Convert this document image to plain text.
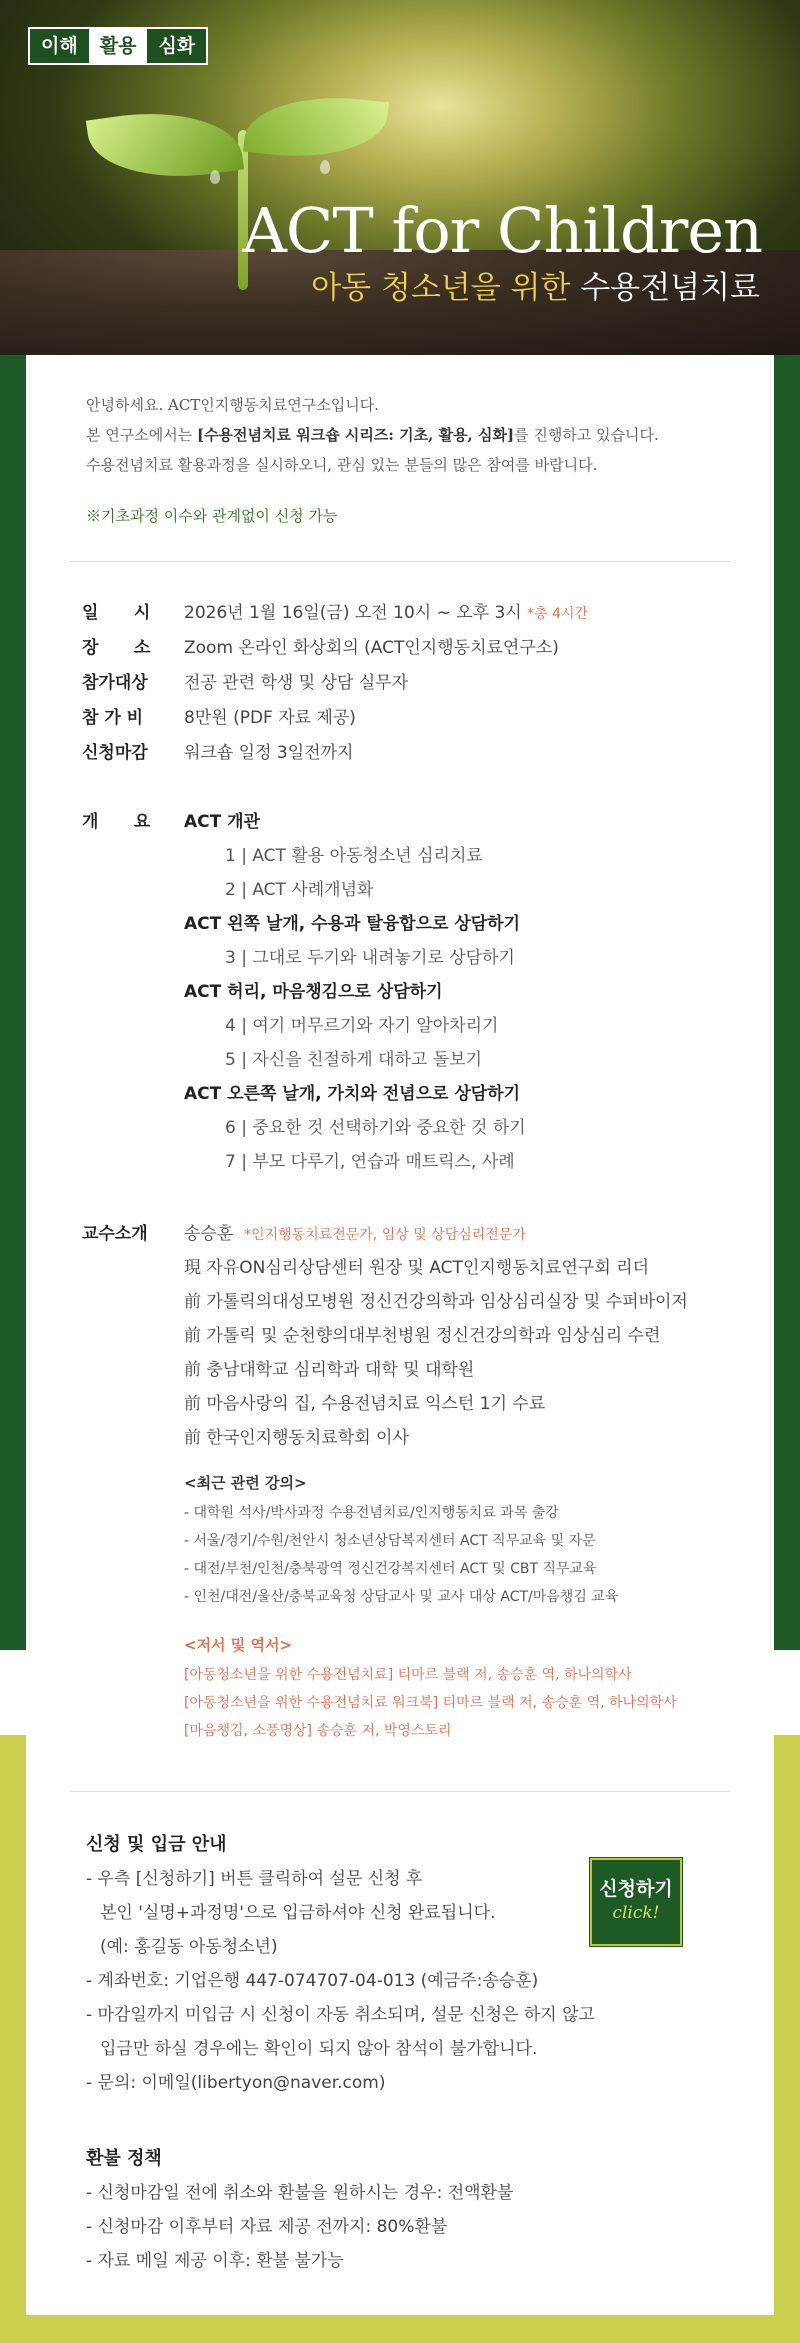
이해	활용	심화
ACT for Children
아동 청소년을 위한 수용전념치료
안녕하세요. ACT인지행동치료연구소입니다.
본 연구소에서는 [수용전념치료 워크숍 시리즈: 기초, 활용, 심화]를 진행하고 있습니다.
수용전념치료 활용과정을 실시하오니, 관심 있는 분들의 많은 참여를 바랍니다.
※기초과정 이수와 관계없이 신청 가능
일      시	2026년 1월 16일(금) 오전 10시 ~ 오후 3시 *총 4시간
장      소	Zoom 온라인 화상회의 (ACT인지행동치료연구소)
참가대상	전공 관련 학생 및 상담 실무자
참 가 비	8만원 (PDF 자료 제공)
신청마감	워크숍 일정 3일전까지
개      요	ACT 개관
1 | ACT 활용 아동청소년 심리치료
2 | ACT 사례개념화
ACT 왼쪽 날개, 수용과 탈융합으로 상담하기
3 | 그대로 두기와 내려놓기로 상담하기
ACT 허리, 마음챙김으로 상담하기
4 | 여기 머무르기와 자기 알아차리기
5 | 자신을 친절하게 대하고 돌보기
ACT 오른쪽 날개, 가치와 전념으로 상담하기
6 | 중요한 것 선택하기와 중요한 것 하기
7 | 부모 다루기, 연습과 매트릭스, 사례
교수소개	송승훈 *인지행동치료전문가, 임상 및 상담심리전문가
現 자유ON심리상담센터 원장 및 ACT인지행동치료연구회 리더
前 가톨릭의대성모병원 정신건강의학과 임상심리실장 및 수퍼바이저
前 가톨릭 및 순천향의대부천병원 정신건강의학과 임상심리 수련
前 충남대학교 심리학과 대학 및 대학원
前 마음사랑의 집, 수용전념치료 익스턴 1기 수료
前 한국인지행동치료학회 이사
<최근 관련 강의>
- 대학원 석사/박사과정 수용전념치료/인지행동치료 과목 출강
- 서울/경기/수원/천안시 청소년상담복지센터 ACT 직무교육 및 자문
- 대전/부천/인천/충북광역 정신건강복지센터 ACT 및 CBT 직무교육
- 인천/대전/울산/충북교육청 상담교사 및 교사 대상 ACT/마음챙김 교육
<저서 및 역서>
[아동청소년을 위한 수용전념치료] 티마르 블랙 저, 송승훈 역, 하나의학사
[아동청소년을 위한 수용전념치료 워크북] 티마르 블랙 저, 송승훈 역, 하나의학사
[마음챙김, 소풍명상] 송승훈 저, 박영스토리
신청 및 입금 안내
- 우측 [신청하기] 버튼 클릭하여 설문 신청 후
본인 '실명+과정명'으로 입금하셔야 신청 완료됩니다.
(예: 홍길동 아동청소년)
- 계좌번호: 기업은행 447-074707-04-013 (예금주:송승훈)
- 마감일까지 미입금 시 신청이 자동 취소되며, 설문 신청은 하지 않고
입금만 하실 경우에는 확인이 되지 않아 참석이 불가합니다.
- 문의: 이메일(libertyon@naver.com)
신청하기
click!
환불 정책
- 신청마감일 전에 취소와 환불을 원하시는 경우: 전액환불
- 신청마감 이후부터 자료 제공 전까지: 80%환불
- 자료 메일 제공 이후: 환불 불가능
